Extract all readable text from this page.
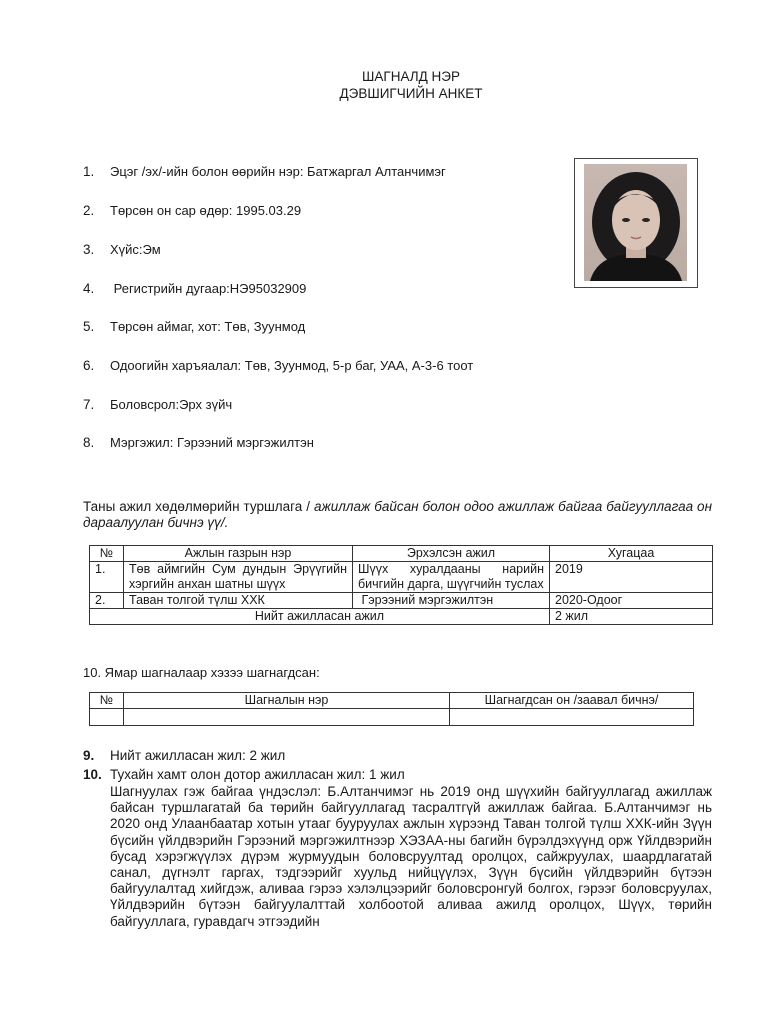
ШАГНАЛД НЭР
ДЭВШИГЧИЙН АНКЕТ
1. Эцэг /эх/-ийн болон өөрийн нэр: Батжаргал Алтанчимэг
2. Төрсөн он сар өдөр: 1995.03.29
3. Хүйс:Эм
4. Регистрийн дугаар:НЭ95032909
5. Төрсөн аймаг, хот: Төв, Зуунмод
6. Одоогийн харъяалал: Төв, Зуунмод, 5-р баг, УАА, А-3-6 тоот
7. Боловсрол:Эрх зүйч
8. Мэргэжил: Гэрээний мэргэжилтэн
Таны ажил хөдөлмөрийн туршлага / ажиллаж байсан болон одоо ажиллаж байгаа байгууллагаа он дараалуулан бичнэ үү/.
№	Ажлын газрын нэр	Эрхэлсэн ажил	Хугацаа
1.	Төв аймгийн Сум дундын Эрүүгийн хэргийн анхан шатны шүүх	Шүүх хуралдааны нарийн бичгийн дарга, шүүгчийн туслах	2019
2.	Таван толгой түлш ХХК	Гэрээний мэргэжилтэн	2020-Одоог
Нийт ажилласан ажил			2 жил
10. Ямар шагналаар хэзээ шагнагдсан:
№	Шагналын нэр	Шагнагдсан он /заавал бичнэ/

9. Нийт ажилласан жил: 2 жил
10. Тухайн хамт олон дотор ажилласан жил: 1 жил
Шагнуулах гэж байгаа үндэслэл: Б.Алтанчимэг нь 2019 онд шүүхийн байгууллагад ажиллаж байсан туршлагатай ба төрийн байгууллагад тасралтгүй ажиллаж байгаа. Б.Алтанчимэг нь 2020 онд Улаанбаатар хотын утааг бууруулах ажлын хүрээнд Таван толгой түлш ХХК-ийн Зүүн бүсийн үйлдвэрийн Гэрээний мэргэжилтнээр ХЭЗАА-ны багийн бүрэлдэхүүнд орж Үйлдвэрийн бусад хэрэгжүүлэх дүрэм журмуудын боловсруултад оролцох, сайжруулах, шаардлагатай санал, дүгнэлт гаргах, тэдгээрийг хуульд нийцүүлэх, Зүүн бүсийн үйлдвэрийн бүтээн байгуулалтад хийгдэж, аливаа гэрээ хэлэлцээрийг боловсронгуй болгох, гэрээг боловсруулах, Үйлдвэрийн бүтээн байгуулалттай холбоотой аливаа ажилд оролцох, Шүүх, төрийн байгууллага, гуравдагч этгээдийн
